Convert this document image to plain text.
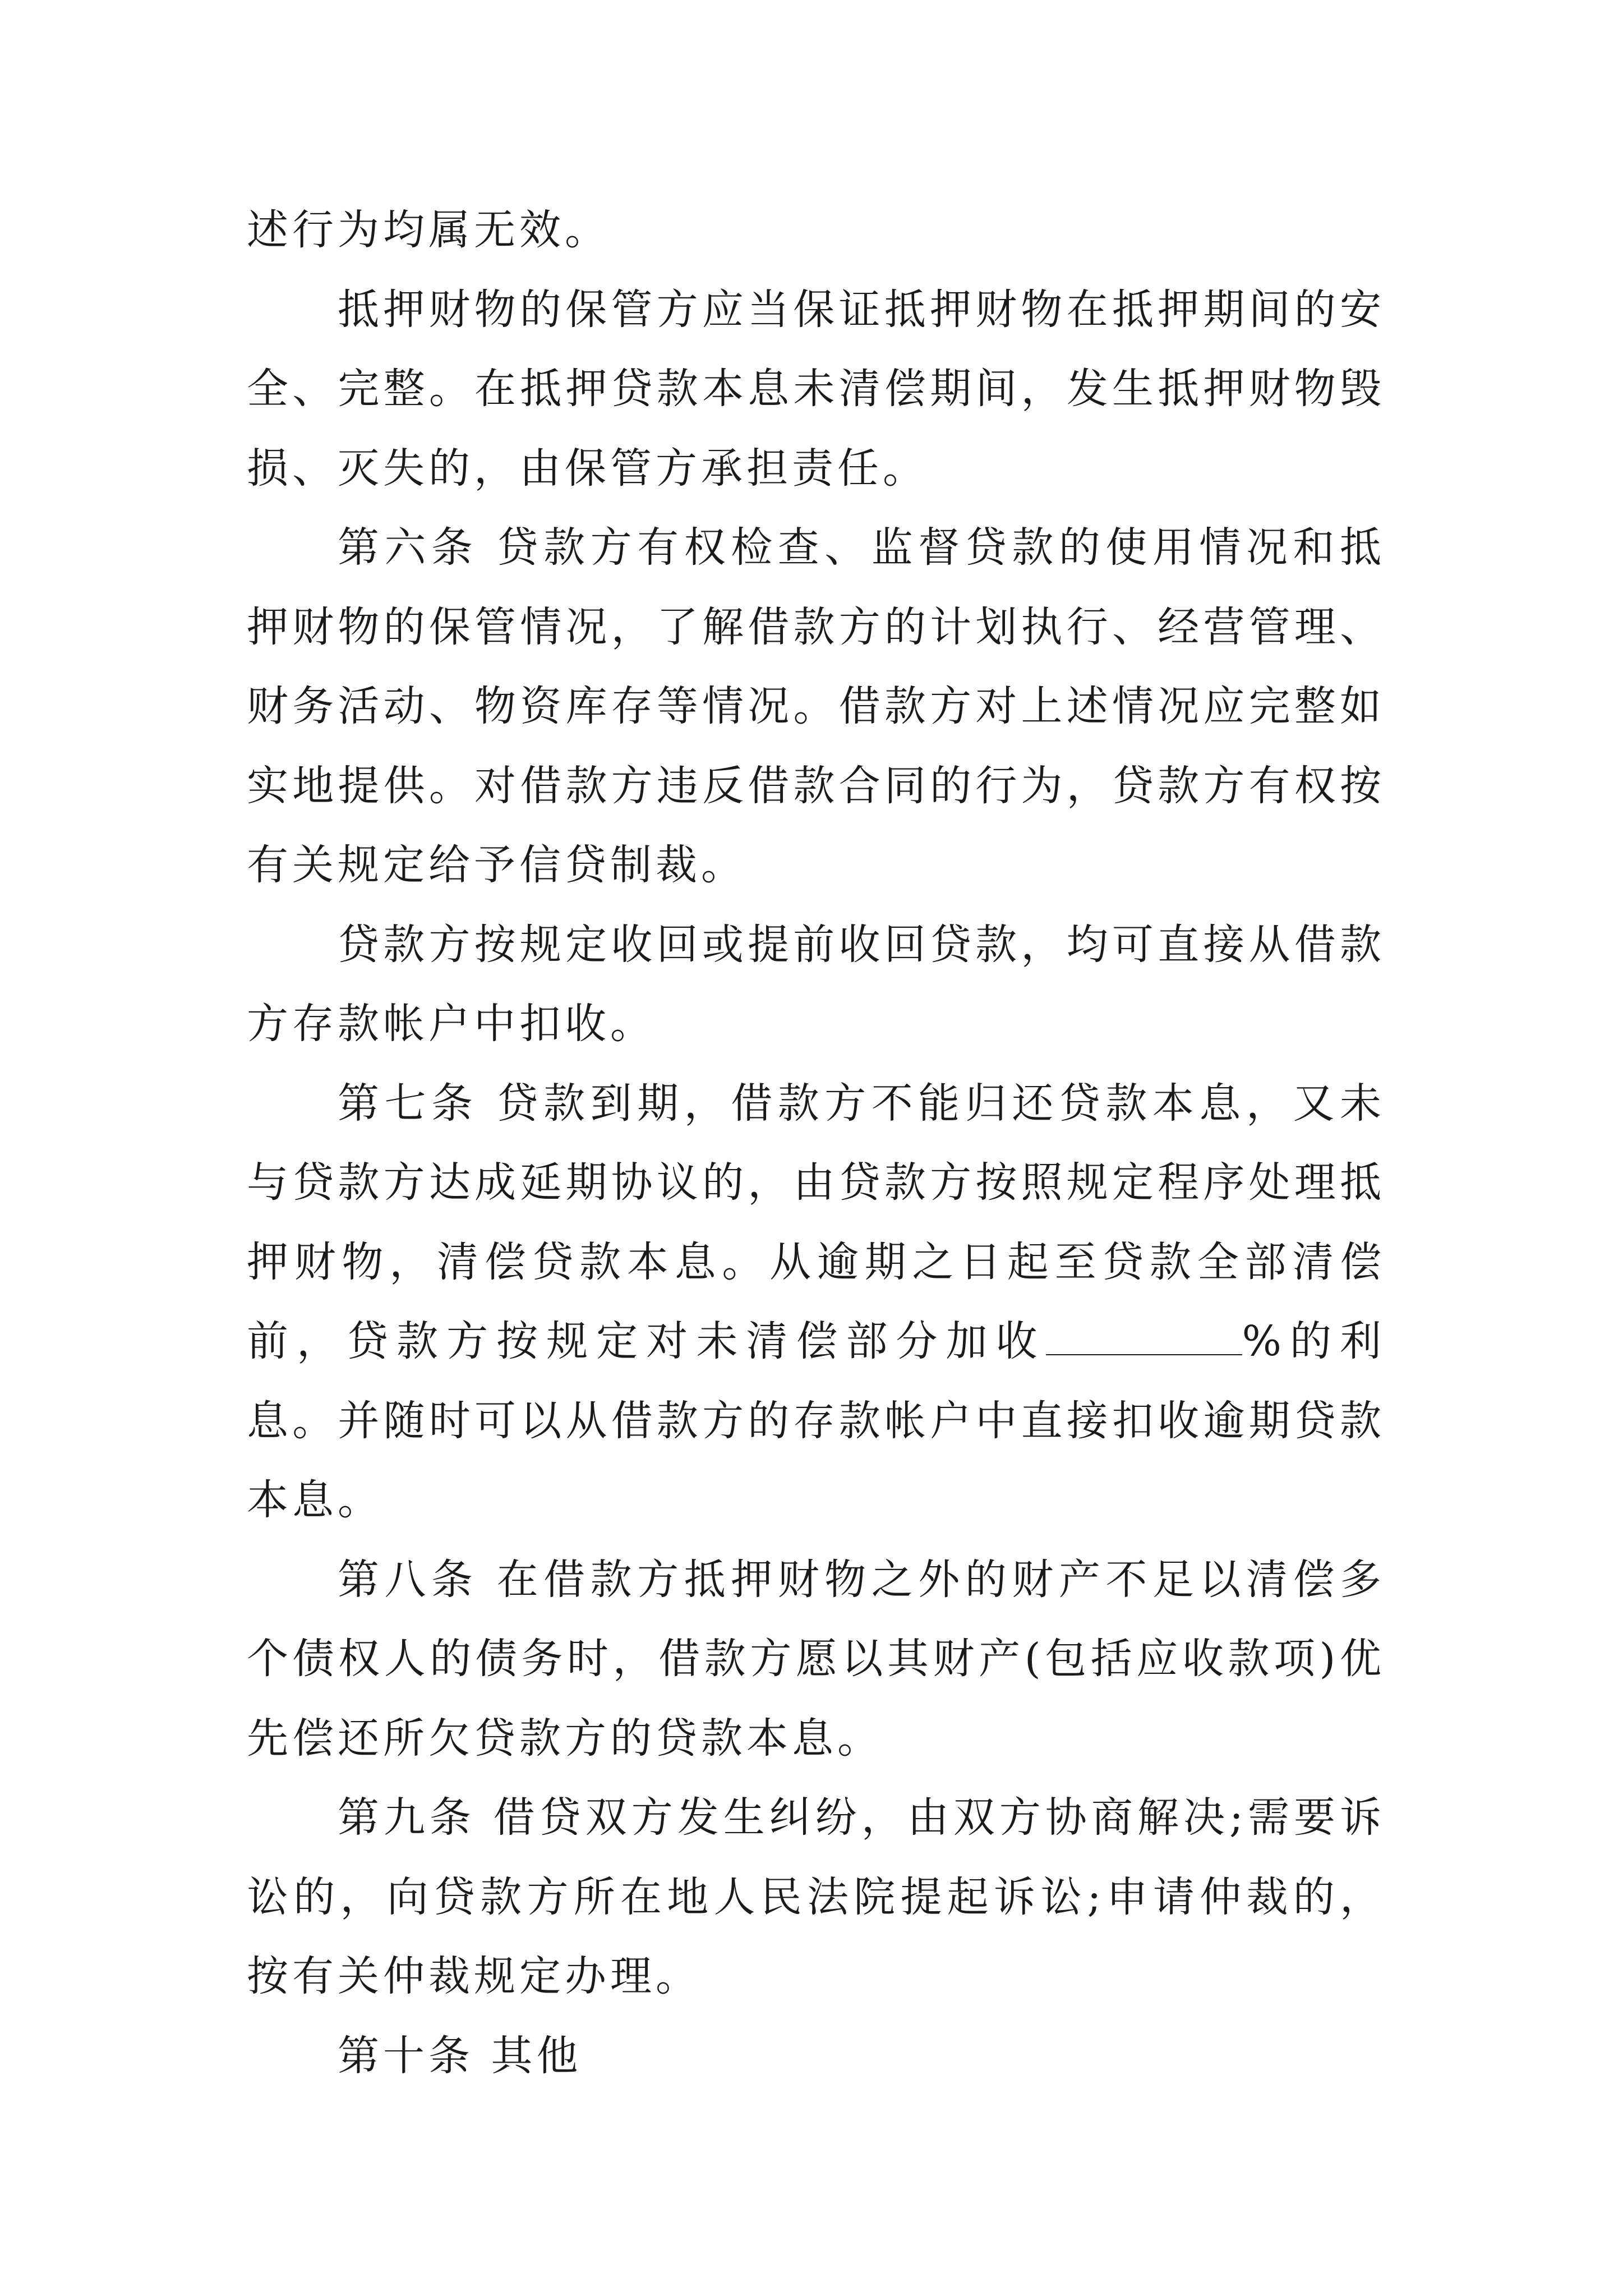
述行为均属无效。

抵押财物的保管方应当保证抵押财物在抵押期间的安全、完整。在抵押贷款本息未清偿期间，发生抵押财物毁损、灭失的，由保管方承担责任。

第六条 贷款方有权检查、监督贷款的使用情况和抵押财物的保管情况，了解借款方的计划执行、经营管理、财务活动、物资库存等情况。借款方对上述情况应完整如实地提供。对借款方违反借款合同的行为，贷款方有权按有关规定给予信贷制裁。

贷款方按规定收回或提前收回贷款，均可直接从借款方存款帐户中扣收。

第七条 贷款到期，借款方不能归还贷款本息，又未与贷款方达成延期协议的，由贷款方按照规定程序处理抵押财物，清偿贷款本息。从逾期之日起至贷款全部清偿前，贷款方按规定对未清偿部分加收	%的利息。并随时可以从借款方的存款帐户中直接扣收逾期贷款本息。

第八条 在借款方抵押财物之外的财产不足以清偿多个债权人的债务时，借款方愿以其财产(包括应收款项)优先偿还所欠贷款方的贷款本息。

第九条 借贷双方发生纠纷，由双方协商解决;需要诉讼的，向贷款方所在地人民法院提起诉讼;申请仲裁的，按有关仲裁规定办理。

第十条 其他
